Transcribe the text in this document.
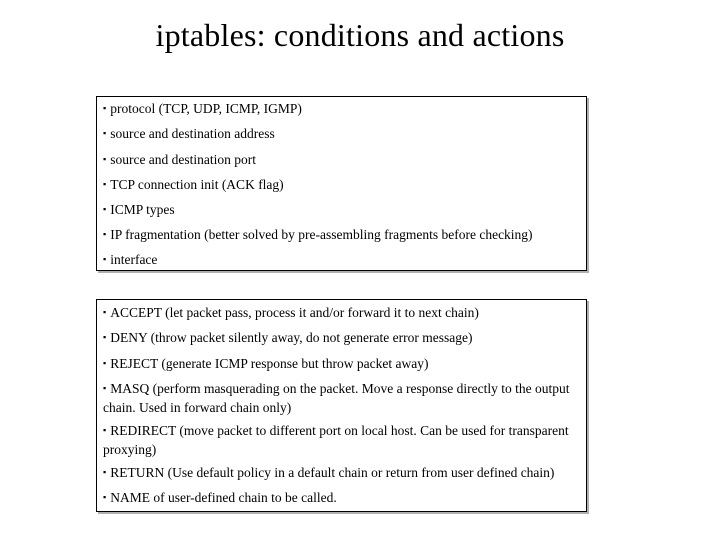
iptables: conditions and actions
▪ protocol (TCP, UDP, ICMP, IGMP)
▪ source and destination address
▪ source and destination port
▪ TCP connection init (ACK flag)
▪ ICMP types
▪ IP fragmentation (better solved by pre-assembling fragments before checking)
▪ interface
▪ ACCEPT (let packet pass, process it and/or forward it to next chain)
▪ DENY (throw packet silently away, do not generate error message)
▪ REJECT (generate ICMP response but throw packet away)
▪ MASQ (perform masquerading on the packet. Move a response directly to the output chain. Used in forward chain only)
▪ REDIRECT (move packet to different port on local host. Can be used for transparent proxying)
▪ RETURN (Use default policy in a default chain or return from user defined chain)
▪ NAME of user-defined chain to be called.
